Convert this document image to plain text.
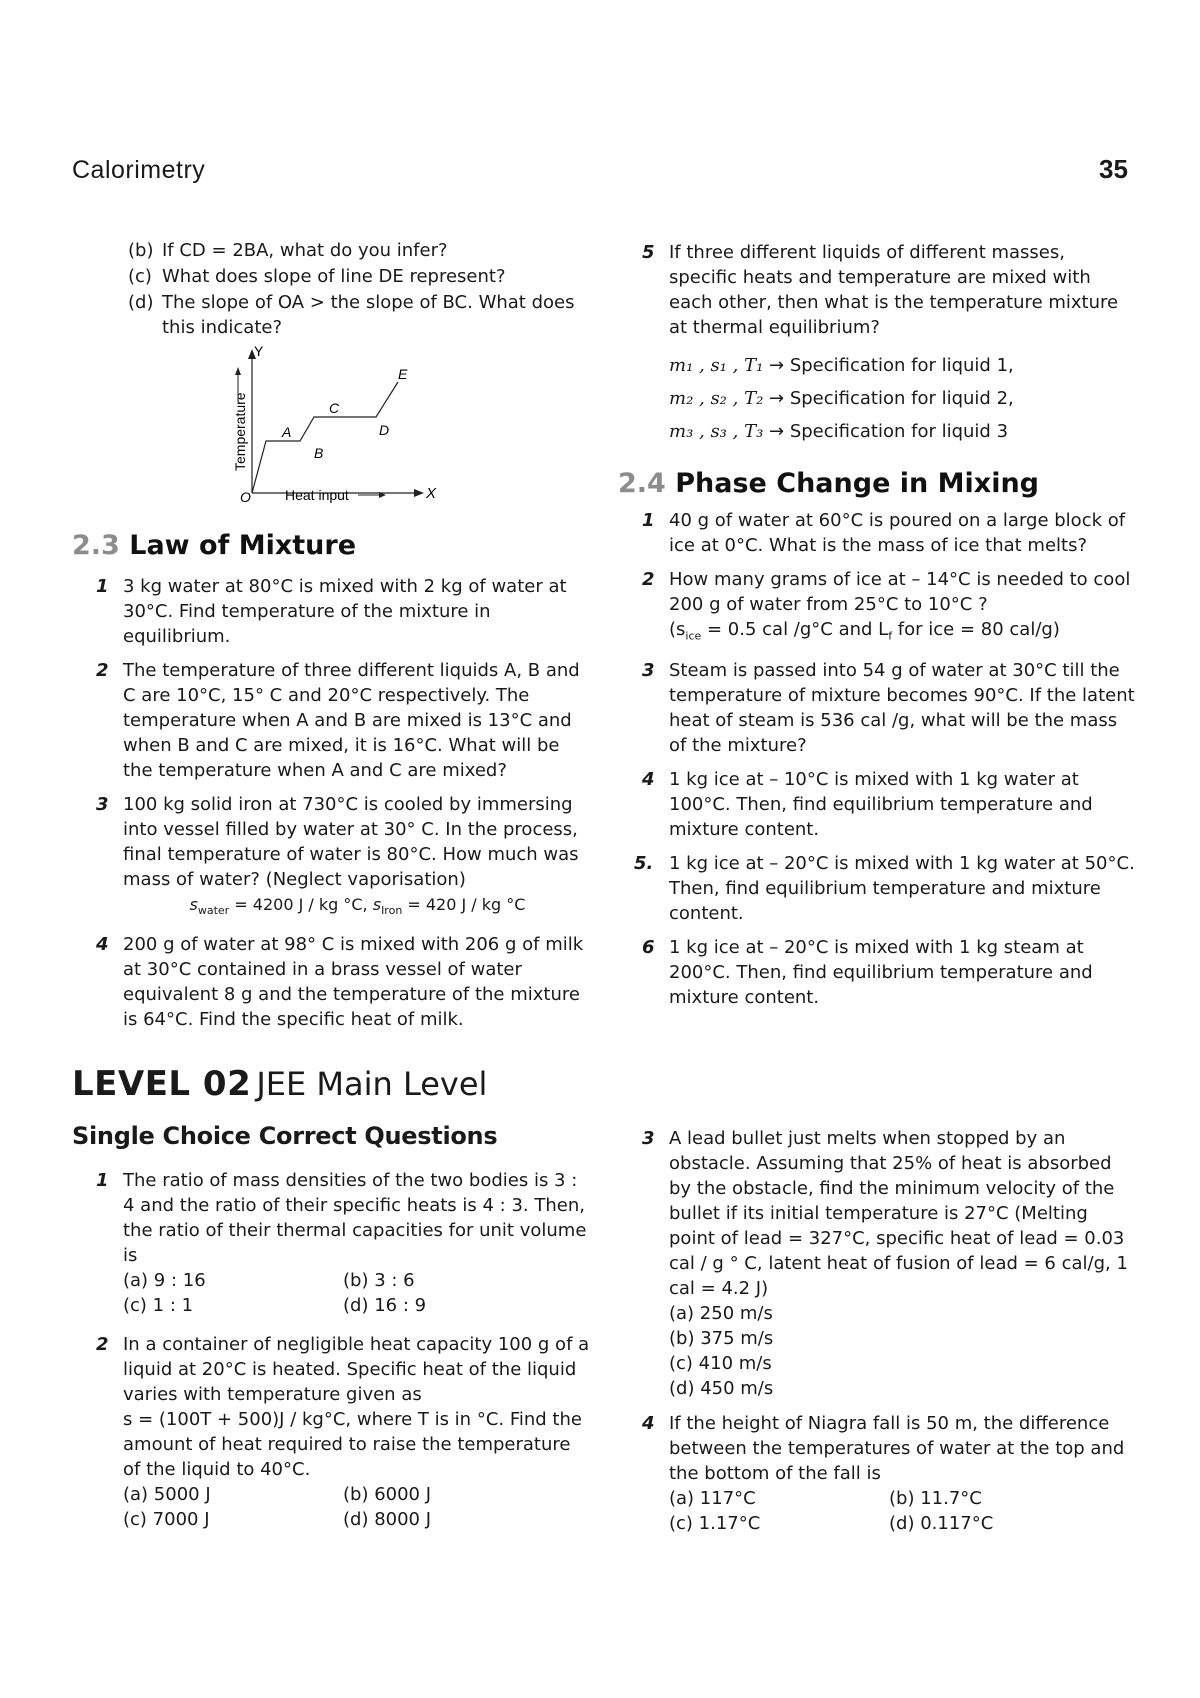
Calorimetry	35
(b) If CD = 2BA, what do you infer?
(c) What does slope of line DE represent?
(d) The slope of OA > the slope of BC. What does this indicate?
Y
X
O Heat input
Temperature A
B
C
D
E
2.3 Law of Mixture
1 3 kg water at 80°C is mixed with 2 kg of water at 30°C. Find temperature of the mixture in equilibrium.
2 The temperature of three different liquids A, B and C are 10°C, 15° C and 20°C respectively. The temperature when A and B are mixed is 13°C and when B and C are mixed, it is 16°C. What will be the temperature when A and C are mixed?
3 100 kg solid iron at 730°C is cooled by immersing into vessel filled by water at 30° C. In the process, final temperature of water is 80°C. How much was mass of water? (Neglect vaporisation)
$s_{water} = 4200$ J / kg °C, $s_{Iron} = 420$ J / kg °C
4 200 g of water at 98° C is mixed with 206 g of milk at 30°C contained in a brass vessel of water equivalent 8 g and the temperature of the mixture is 64°C. Find the specific heat of milk.
5 If three different liquids of different masses, specific heats and temperature are mixed with each other, then what is the temperature mixture at thermal equilibrium?
m₁ , s₁ , T₁ → Specification for liquid 1,
m₂ , s₂ , T₂ → Specification for liquid 2,
m₃ , s₃ , T₃ → Specification for liquid 3
2.4 Phase Change in Mixing
1 40 g of water at 60°C is poured on a large block of ice at 0°C. What is the mass of ice that melts?
2 How many grams of ice at – 14°C is needed to cool 200 g of water from 25°C to 10°C ?
($s_{ice} = 0.5$ cal /g°C and $L_f$ for ice = 80 cal/g)
3 Steam is passed into 54 g of water at 30°C till the temperature of mixture becomes 90°C. If the latent heat of steam is 536 cal /g, what will be the mass of the mixture?
4 1 kg ice at – 10°C is mixed with 1 kg water at 100°C. Then, find equilibrium temperature and mixture content.
5. 1 kg ice at – 20°C is mixed with 1 kg water at 50°C. Then, find equilibrium temperature and mixture content.
6 1 kg ice at – 20°C is mixed with 1 kg steam at 200°C. Then, find equilibrium temperature and mixture content.
LEVEL 02 JEE Main Level
Single Choice Correct Questions
1 The ratio of mass densities of the two bodies is 3 : 4 and the ratio of their specific heats is 4 : 3. Then, the ratio of their thermal capacities for unit volume is
(a) 9 : 16	(b) 3 : 6
(c) 1 : 1	(d) 16 : 9
2 In a container of negligible heat capacity 100 g of a liquid at 20°C is heated. Specific heat of the liquid varies with temperature given as
s = (100T + 500)J / kg°C, where T is in °C. Find the amount of heat required to raise the temperature of the liquid to 40°C.
(a) 5000 J	(b) 6000 J
(c) 7000 J	(d) 8000 J
3 A lead bullet just melts when stopped by an obstacle. Assuming that 25% of heat is absorbed by the obstacle, find the minimum velocity of the bullet if its initial temperature is 27°C (Melting point of lead = 327°C, specific heat of lead = 0.03 cal / g ° C, latent heat of fusion of lead = 6 cal/g, 1 cal = 4.2 J)
(a) 250 m/s
(b) 375 m/s
(c) 410 m/s
(d) 450 m/s
4 If the height of Niagra fall is 50 m, the difference between the temperatures of water at the top and the bottom of the fall is
(a) 117°C	(b) 11.7°C
(c) 1.17°C	(d) 0.117°C
